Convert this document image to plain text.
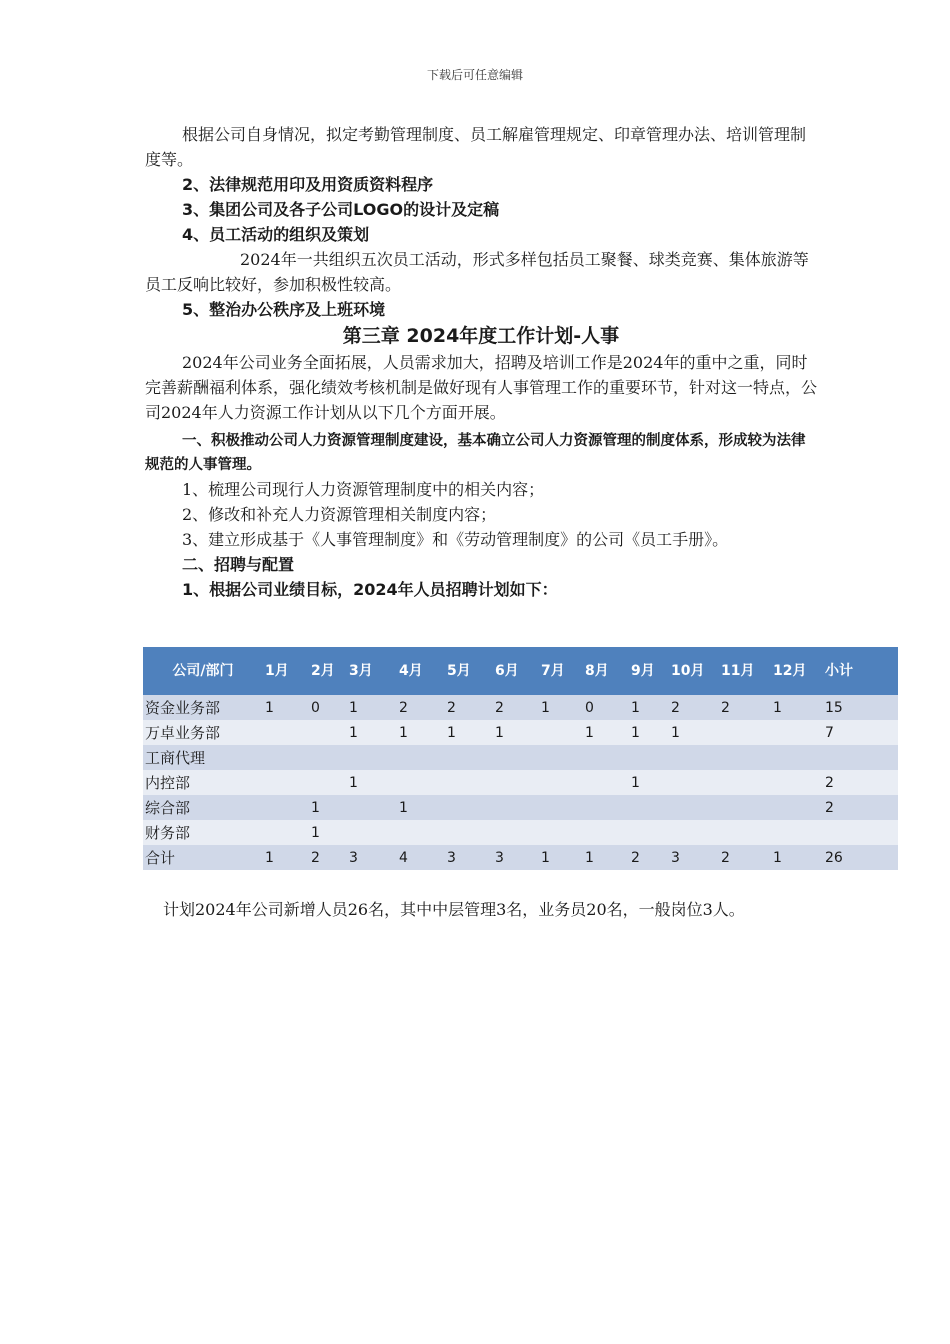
下载后可任意编辑

根据公司自身情况，拟定考勤管理制度、员工解雇管理规定、印章管理办法、培训管理制度等。

2、法律规范用印及用资质资料程序

3、集团公司及各子公司LOGO的设计及定稿

4、员工活动的组织及策划

2024年一共组织五次员工活动，形式多样包括员工聚餐、球类竞赛、集体旅游等员工反响比较好，参加积极性较高。

5、整治办公秩序及上班环境

第三章 2024年度工作计划-人事

2024年公司业务全面拓展，人员需求加大，招聘及培训工作是2024年的重中之重，同时完善薪酬福利体系，强化绩效考核机制是做好现有人事管理工作的重要环节，针对这一特点，公司2024年人力资源工作计划从以下几个方面开展。

一、积极推动公司人力资源管理制度建设，基本确立公司人力资源管理的制度体系，形成较为法律规范的人事管理。

1、梳理公司现行人力资源管理制度中的相关内容；

2、修改和补充人力资源管理相关制度内容；

3、建立形成基于《人事管理制度》和《劳动管理制度》的公司《员工手册》。

二、招聘与配置

1、根据公司业绩目标，2024年人员招聘计划如下：

公司/部门	1月	2月	3月	4月	5月	6月	7月	8月	9月	10月	11月	12月	小计
资金业务部	1	0	1	2	2	2	1	0	1	2	2	1	15
万卓业务部			1	1	1	1		1	1	1			7
工商代理													
内控部			1						1				2
综合部		1		1									2
财务部		1											
合计	1	2	3	4	3	3	1	1	2	3	2	1	26

计划2024年公司新增人员26名，其中中层管理3名，业务员20名，一般岗位3人。
